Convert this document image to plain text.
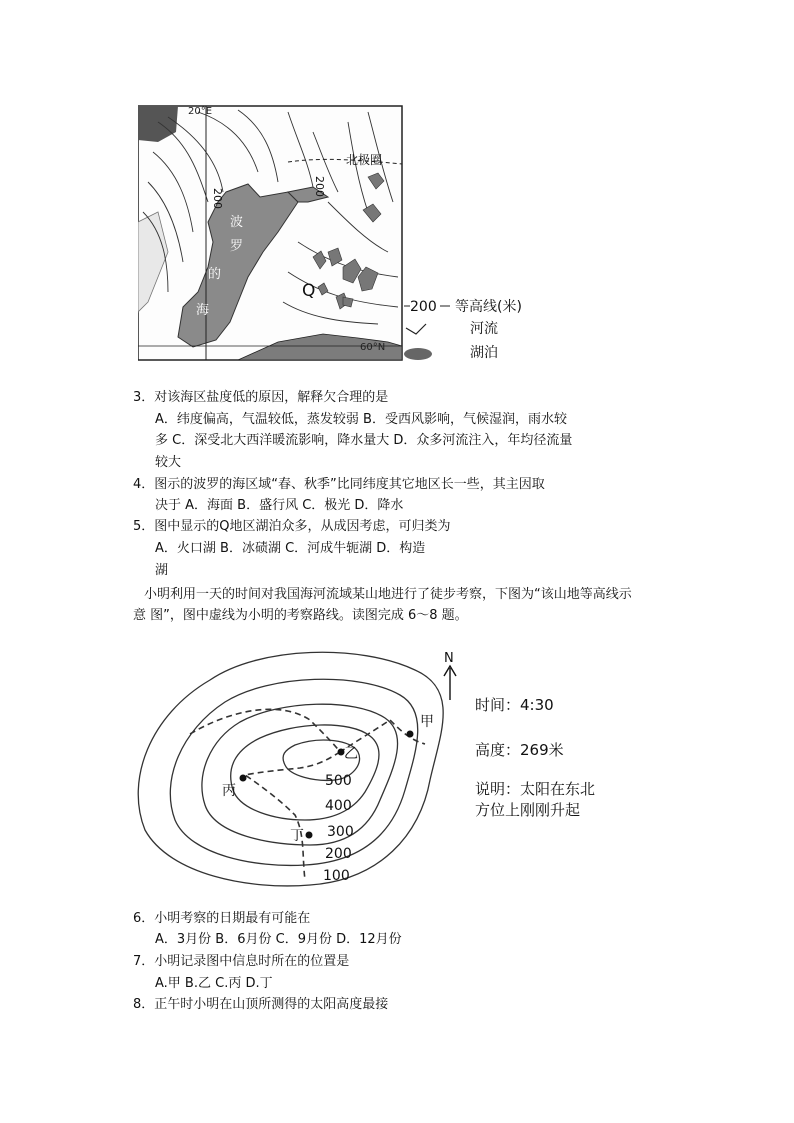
20°E
60°N
北极圈
波
罗
的
海
200
200
Q
200 等高线(米)
河流
湖泊
3．对该海区盐度低的原因，解释欠合理的是
A．纬度偏高，气温较低，蒸发较弱 B．受西风影响，气候湿润，雨水较
多 C．深受北大西洋暖流影响，降水量大 D．众多河流注入，年均径流量
较大
4．图示的波罗的海区域“春、秋季”比同纬度其它地区长一些，其主因取
决于 A．海面 B．盛行风 C．极光 D．降水
5．图中显示的Q地区湖泊众多，从成因考虑，可归类为
A．火口湖 B．冰碛湖 C．河成牛轭湖 D．构造
湖
小明利用一天的时间对我国海河流域某山地进行了徒步考察，下图为“该山地等高线示
意 图”，图中虚线为小明的考察路线。读图完成 6～8 题。
甲
乙
丙
丁
500
400
300
200
100
N
时间：4:30
高度：269米
说明：太阳在东北
方位上刚刚升起
6．小明考察的日期最有可能在
A．3月份 B．6月份 C．9月份 D．12月份
7．小明记录图中信息时所在的位置是
A.甲 B.乙 C.丙 D.丁
8．正午时小明在山顶所测得的太阳高度最接
